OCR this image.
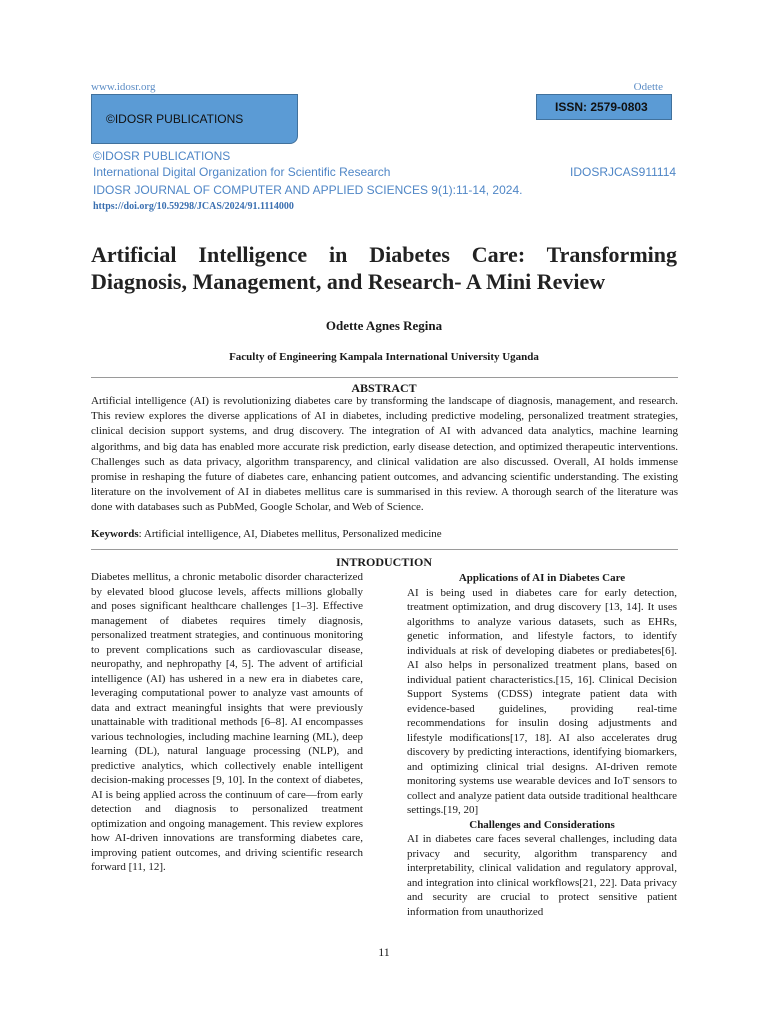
www.idosr.org	Odette
©IDOSR PUBLICATIONS
ISSN: 2579-0803
©IDOSR PUBLICATIONS
International Digital Organization for Scientific Research	IDOSRJCAS911114
IDOSR JOURNAL OF COMPUTER AND APPLIED SCIENCES 9(1):11-14, 2024.
https://doi.org/10.59298/JCAS/2024/91.1114000
Artificial Intelligence in Diabetes Care: Transforming Diagnosis, Management, and Research- A Mini Review
Odette Agnes Regina
Faculty of Engineering Kampala International University Uganda
ABSTRACT

Artificial intelligence (AI) is revolutionizing diabetes care by transforming the landscape of diagnosis, management, and research. This review explores the diverse applications of AI in diabetes, including predictive modeling, personalized treatment strategies, clinical decision support systems, and drug discovery. The integration of AI with advanced data analytics, machine learning algorithms, and big data has enabled more accurate risk prediction, early disease detection, and optimized therapeutic interventions. Challenges such as data privacy, algorithm transparency, and clinical validation are also discussed. Overall, AI holds immense promise in reshaping the future of diabetes care, enhancing patient outcomes, and advancing scientific understanding. The existing literature on the involvement of AI in diabetes mellitus care is summarised in this review. A thorough search of the literature was done with databases such as PubMed, Google Scholar, and Web of Science.

Keywords: Artificial intelligence, AI, Diabetes mellitus, Personalized medicine

INTRODUCTION

Diabetes mellitus, a chronic metabolic disorder characterized by elevated blood glucose levels, affects millions globally and poses significant healthcare challenges [1–3]. Effective management of diabetes requires timely diagnosis, personalized treatment strategies, and continuous monitoring to prevent complications such as cardiovascular disease, neuropathy, and nephropathy [4, 5]. The advent of artificial intelligence (AI) has ushered in a new era in diabetes care, leveraging computational power to analyze vast amounts of data and extract meaningful insights that were previously unattainable with traditional methods [6–8]. AI encompasses various technologies, including machine learning (ML), deep learning (DL), natural language processing (NLP), and predictive analytics, which collectively enable intelligent decision-making processes [9, 10]. In the context of diabetes, AI is being applied across the continuum of care—from early detection and diagnosis to personalized treatment optimization and ongoing management. This review explores how AI-driven innovations are transforming diabetes care, improving patient outcomes, and driving scientific research forward [11, 12].

Applications of AI in Diabetes Care

AI is being used in diabetes care for early detection, treatment optimization, and drug discovery [13, 14]. It uses algorithms to analyze various datasets, such as EHRs, genetic information, and lifestyle factors, to identify individuals at risk of developing diabetes or prediabetes[6]. AI also helps in personalized treatment plans, based on individual patient characteristics.[15, 16]. Clinical Decision Support Systems (CDSS) integrate patient data with evidence-based guidelines, providing real-time recommendations for insulin dosing adjustments and lifestyle modifications[17, 18]. AI also accelerates drug discovery by predicting interactions, identifying biomarkers, and optimizing clinical trial designs. AI-driven remote monitoring systems use wearable devices and IoT sensors to collect and analyze patient data outside traditional healthcare settings.[19, 20]

Challenges and Considerations

AI in diabetes care faces several challenges, including data privacy and security, algorithm transparency and interpretability, clinical validation and regulatory approval, and integration into clinical workflows[21, 22]. Data privacy and security are crucial to protect sensitive patient information from unauthorized

11
